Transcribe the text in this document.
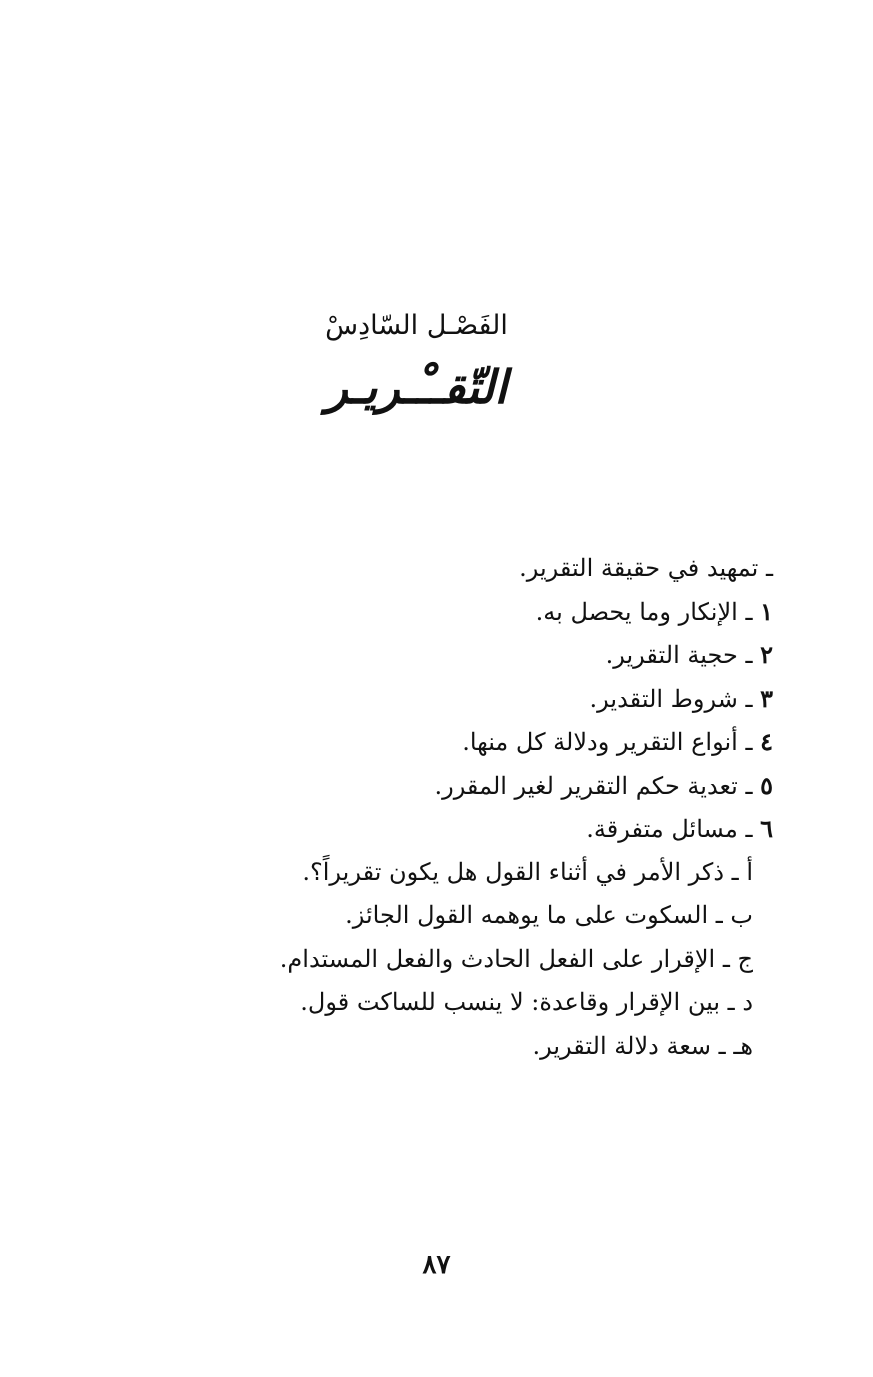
الفَصْـل السّادِسْ
التّقــْـريـر
ـ تمهيد في حقيقة التقرير.
١ ـ الإنكار وما يحصل به.
٢ ـ حجية التقرير.
٣ ـ شروط التقدير.
٤ ـ أنواع التقرير ودلالة كل منها.
٥ ـ تعدية حكم التقرير لغير المقرر.
٦ ـ مسائل متفرقة.
أ ـ ذكر الأمر في أثناء القول هل يكون تقريراً؟.
ب ـ السكوت على ما يوهمه القول الجائز.
ج ـ الإقرار على الفعل الحادث والفعل المستدام.
د ـ بين الإقرار وقاعدة: لا ينسب للساكت قول.
هـ ـ سعة دلالة التقرير.
٨٧
